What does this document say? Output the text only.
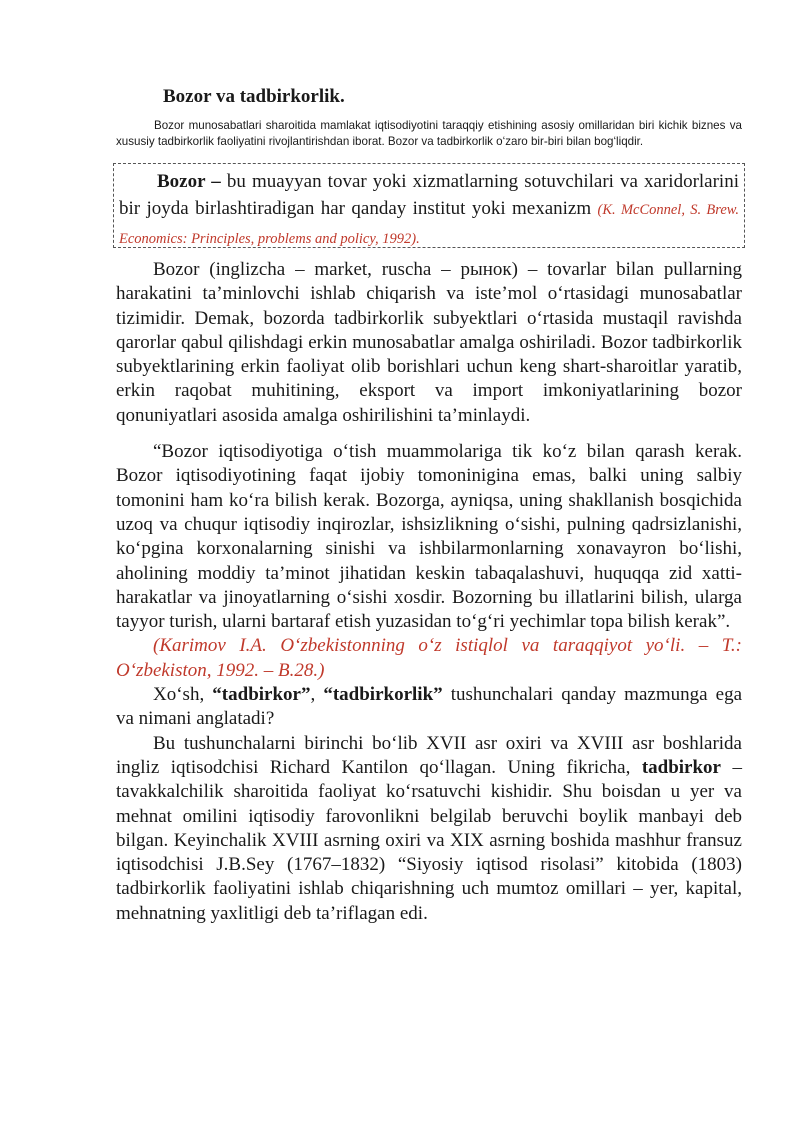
Bozor va tadbirkorlik.

Bozor munosabatlari sharoitida mamlakat iqtisodiyotini taraqqiy etishining asosiy omillaridan biri kichik biznes va xususiy tadbirkorlik faoliyatini rivojlantirishdan iborat. Bozor va tadbirkorlik o‘zaro bir-biri bilan bog‘liqdir.

Bozor – bu muayyan tovar yoki xizmatlarning sotuvchilari va xaridorlarini bir joyda birlashtiradigan har qanday institut yoki mexanizm (K. McConnel, S. Brew. Economics: Principles, problems and policy, 1992).

Bozor (inglizcha – market, ruscha – рынок) – tovarlar bilan pullarning harakatini ta’minlovchi ishlab chiqarish va iste’mol o‘rtasidagi munosabatlar tizimidir. Demak, bozorda tadbirkorlik subyektlari o‘rtasida mustaqil ravishda qarorlar qabul qilishdagi erkin munosabatlar amalga oshiriladi. Bozor tadbirkorlik subyektlarining erkin faoliyat olib borishlari uchun keng shart-sharoitlar yaratib, erkin raqobat muhitining, eksport va import imkoniyatlarining bozor qonuniyatlari asosida amalga oshirilishini ta’minlaydi.

“Bozor iqtisodiyotiga o‘tish muammolariga tik ko‘z bilan qarash kerak. Bozor iqtisodiyotining faqat ijobiy tomoninigina emas, balki uning salbiy tomonini ham ko‘ra bilish kerak. Bozorga, ayniqsa, uning shakllanish bosqichida uzoq va chuqur iqtisodiy inqirozlar, ishsizlikning o‘sishi, pulning qadrsizlanishi, ko‘pgina korxonalarning sinishi va ishbilarmonlarning xonavayron bo‘lishi, aholining moddiy ta’minot jihatidan keskin tabaqalashuvi, huquqqa zid xatti-harakatlar va jinoyatlarning o‘sishi xosdir. Bozorning bu illatlarini bilish, ularga tayyor turish, ularni bartaraf etish yuzasidan to‘g‘ri yechimlar topa bilish kerak”.

(Karimov I.A. O‘zbekistonning o‘z istiqlol va taraqqiyot yo‘li. – T.: O‘zbekiston, 1992. – B.28.)

Xo‘sh, “tadbirkor”, “tadbirkorlik” tushunchalari qanday mazmunga ega va nimani anglatadi?

Bu tushunchalarni birinchi bo‘lib XVII asr oxiri va XVIII asr boshlarida ingliz iqtisodchisi Richard Kantilon qo‘llagan. Uning fikricha, tadbirkor – tavakkalchilik sharoitida faoliyat ko‘rsatuvchi kishidir. Shu boisdan u yer va mehnat omilini iqtisodiy farovonlikni belgilab beruvchi boylik manbayi deb bilgan. Keyinchalik XVIII asrning oxiri va XIX asrning boshida mashhur fransuz iqtisodchisi J.B.Sey (1767–1832) “Siyosiy iqtisod risolasi” kitobida (1803) tadbirkorlik faoliyatini ishlab chiqarishning uch mumtoz omillari – yer, kapital, mehnatning yaxlitligi deb ta’riflagan edi.
